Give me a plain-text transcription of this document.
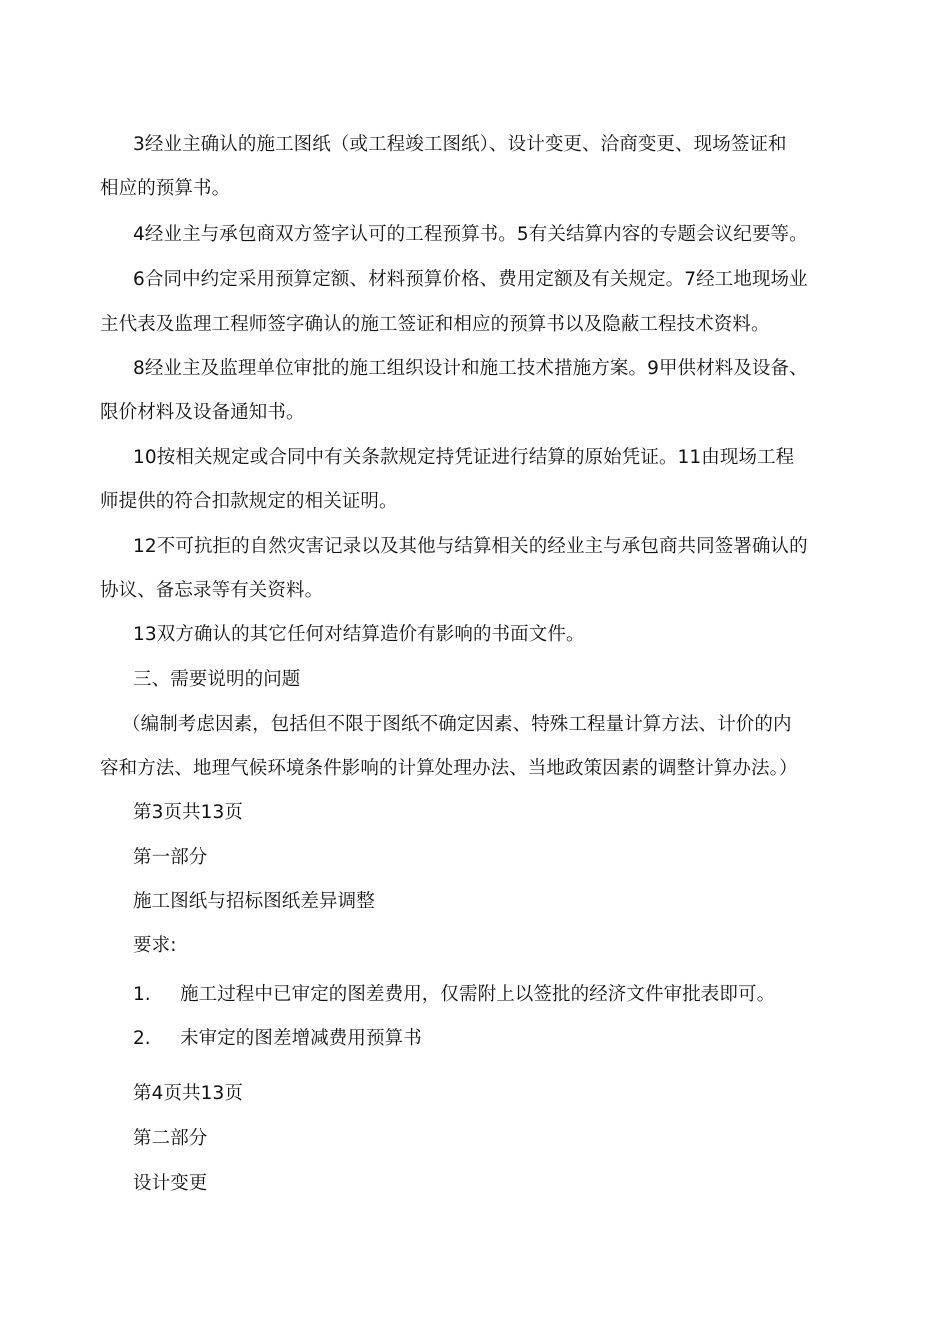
3经业主确认的施工图纸（或工程竣工图纸）、设计变更、洽商变更、现场签证和

相应的预算书。

4经业主与承包商双方签字认可的工程预算书。5有关结算内容的专题会议纪要等。

6合同中约定采用预算定额、材料预算价格、费用定额及有关规定。7经工地现场业

主代表及监理工程师签字确认的施工签证和相应的预算书以及隐蔽工程技术资料。

8经业主及监理单位审批的施工组织设计和施工技术措施方案。9甲供材料及设备、

限价材料及设备通知书。

10按相关规定或合同中有关条款规定持凭证进行结算的原始凭证。11由现场工程

师提供的符合扣款规定的相关证明。

12不可抗拒的自然灾害记录以及其他与结算相关的经业主与承包商共同签署确认的

协议、备忘录等有关资料。

13双方确认的其它任何对结算造价有影响的书面文件。

三、需要说明的问题

（编制考虑因素，包括但不限于图纸不确定因素、特殊工程量计算方法、计价的内

容和方法、地理气候环境条件影响的计算处理办法、当地政策因素的调整计算办法。）

第3页共13页

第一部分

施工图纸与招标图纸差异调整

要求:

1. 施工过程中已审定的图差费用，仅需附上以签批的经济文件审批表即可。

2. 未审定的图差增减费用预算书

第4页共13页

第二部分

设计变更
